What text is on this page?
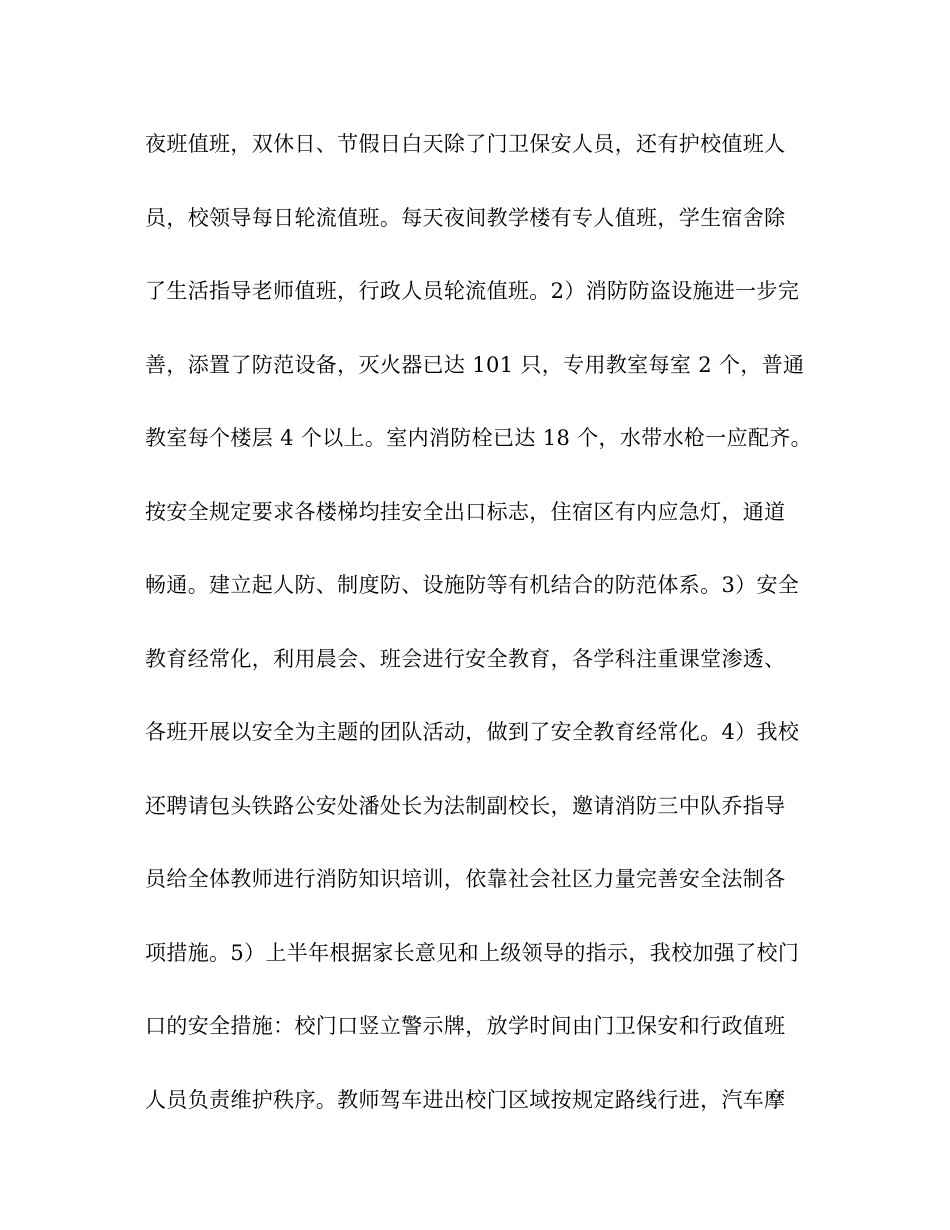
夜班值班，双休日、节假日白天除了门卫保安人员，还有护校值班人
员，校领导每日轮流值班。每天夜间教学楼有专人值班，学生宿舍除
了生活指导老师值班，行政人员轮流值班。2）消防防盗设施进一步完
善，添置了防范设备，灭火器已达 101 只，专用教室每室 2 个，普通
教室每个楼层 4 个以上。室内消防栓已达 18 个，水带水枪一应配齐。
按安全规定要求各楼梯均挂安全出口标志，住宿区有内应急灯，通道
畅通。建立起人防、制度防、设施防等有机结合的防范体系。3）安全
教育经常化，利用晨会、班会进行安全教育，各学科注重课堂渗透、
各班开展以安全为主题的团队活动，做到了安全教育经常化。4）我校
还聘请包头铁路公安处潘处长为法制副校长，邀请消防三中队乔指导
员给全体教师进行消防知识培训，依靠社会社区力量完善安全法制各
项措施。5）上半年根据家长意见和上级领导的指示，我校加强了校门
口的安全措施：校门口竖立警示牌，放学时间由门卫保安和行政值班
人员负责维护秩序。教师驾车进出校门区域按规定路线行进，汽车摩
